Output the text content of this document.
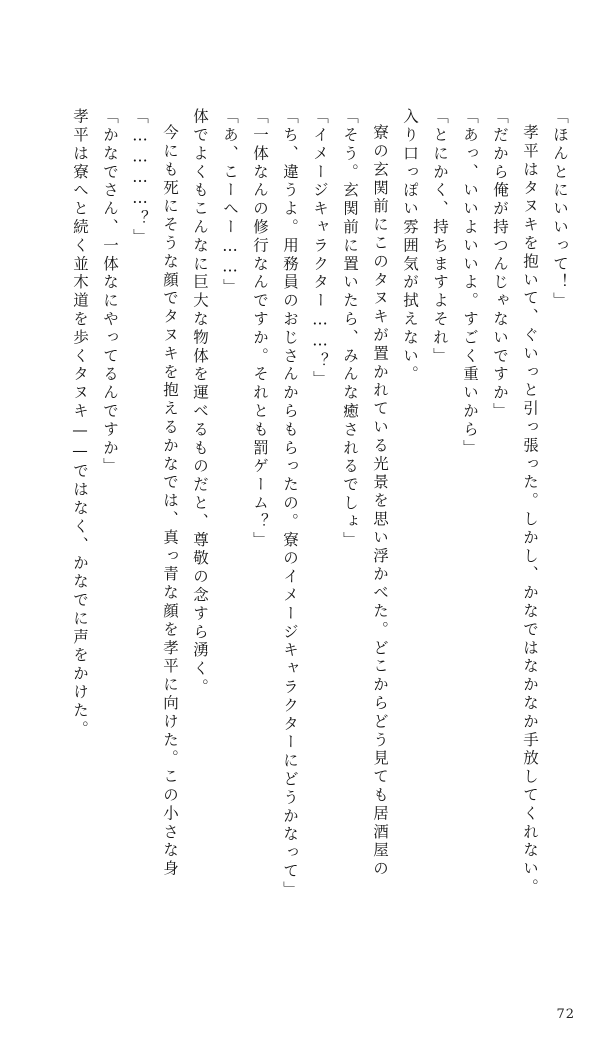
孝平は寮へと続く並木道を歩くタヌキ——ではなく、かなでに声をかけた。 「かなでさん、一体なにやってるんですか」 「…………？」 今にも死にそうな顔でタヌキを抱えるかなでは、真っ青な顔を孝平に向けた。この小さな身 体でよくもこんなに巨大な物体を運べるものだと、尊敬の念すら湧く。 「あ、こーへー……」 「一体なんの修行なんですか。それとも罰ゲーム？」 「ち、違うよ。用務員のおじさんからもらったの。寮のイメージキャラクターにどうかなって」 「イメージキャラクター……？」 「そう。玄関前に置いたら、みんな癒されるでしょ」 寮の玄関前にこのタヌキが置かれている光景を思い浮かべた。どこからどう見ても居酒屋の 入り口っぽい雰囲気が拭えない。 「とにかく、持ちますよそれ」 「あっ、いいよいいよ。すごく重いから」 「だから俺が持つんじゃないですか」 孝平はタヌキを抱いて、ぐいっと引っ張った。しかし、かなではなかなか手放してくれない。 「ほんとにいいって！」
72
